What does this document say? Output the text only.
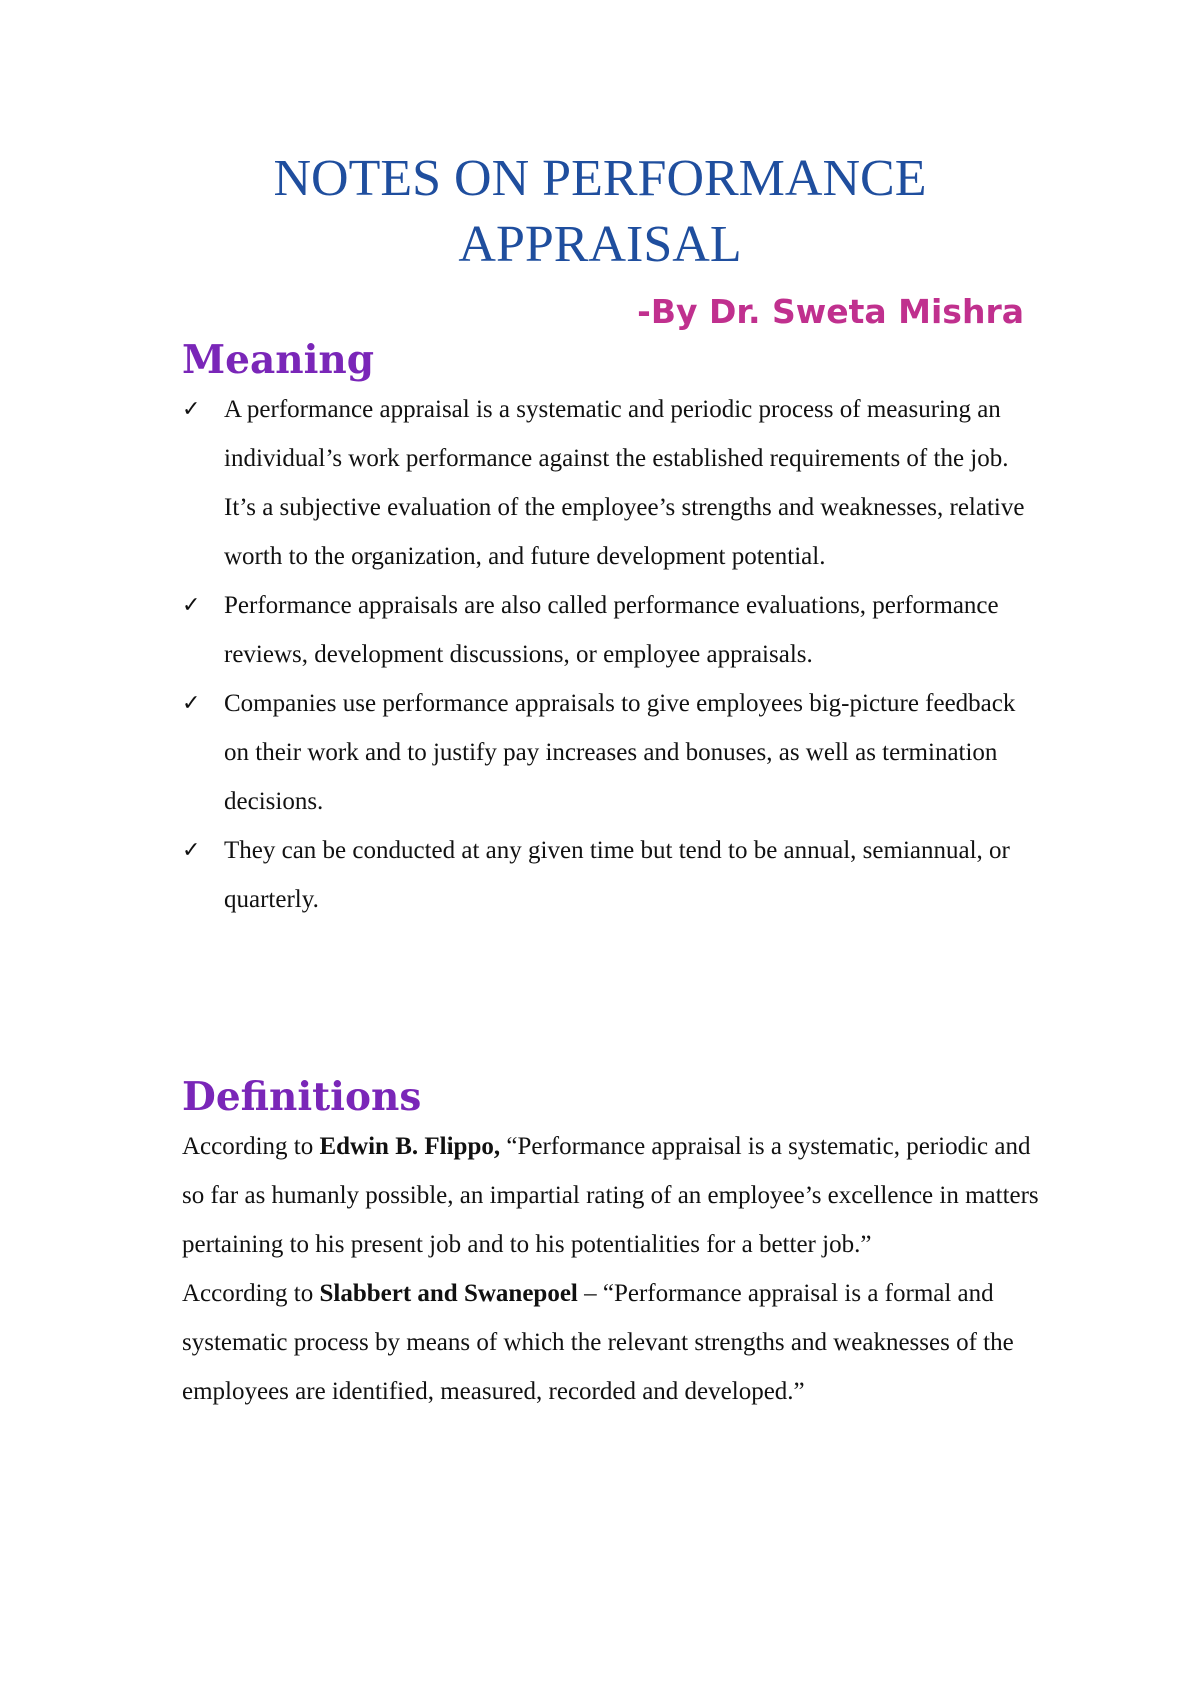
NOTES ON PERFORMANCE
APPRAISAL
-By Dr. Sweta Mishra
Meaning
✓ A performance appraisal is a systematic and periodic process of measuring an individual’s work performance against the established requirements of the job. It’s a subjective evaluation of the employee’s strengths and weaknesses, relative worth to the organization, and future development potential.
✓ Performance appraisals are also called performance evaluations, performance reviews, development discussions, or employee appraisals.
✓ Companies use performance appraisals to give employees big-picture feedback on their work and to justify pay increases and bonuses, as well as termination decisions.
✓ They can be conducted at any given time but tend to be annual, semiannual, or quarterly.
Definitions

According to Edwin B. Flippo, “Performance appraisal is a systematic, periodic and so far as humanly possible, an impartial rating of an employee’s excellence in matters pertaining to his present job and to his potentialities for a better job.”

According to Slabbert and Swanepoel – “Performance appraisal is a formal and systematic process by means of which the relevant strengths and weaknesses of the employees are identified, measured, recorded and developed.”
